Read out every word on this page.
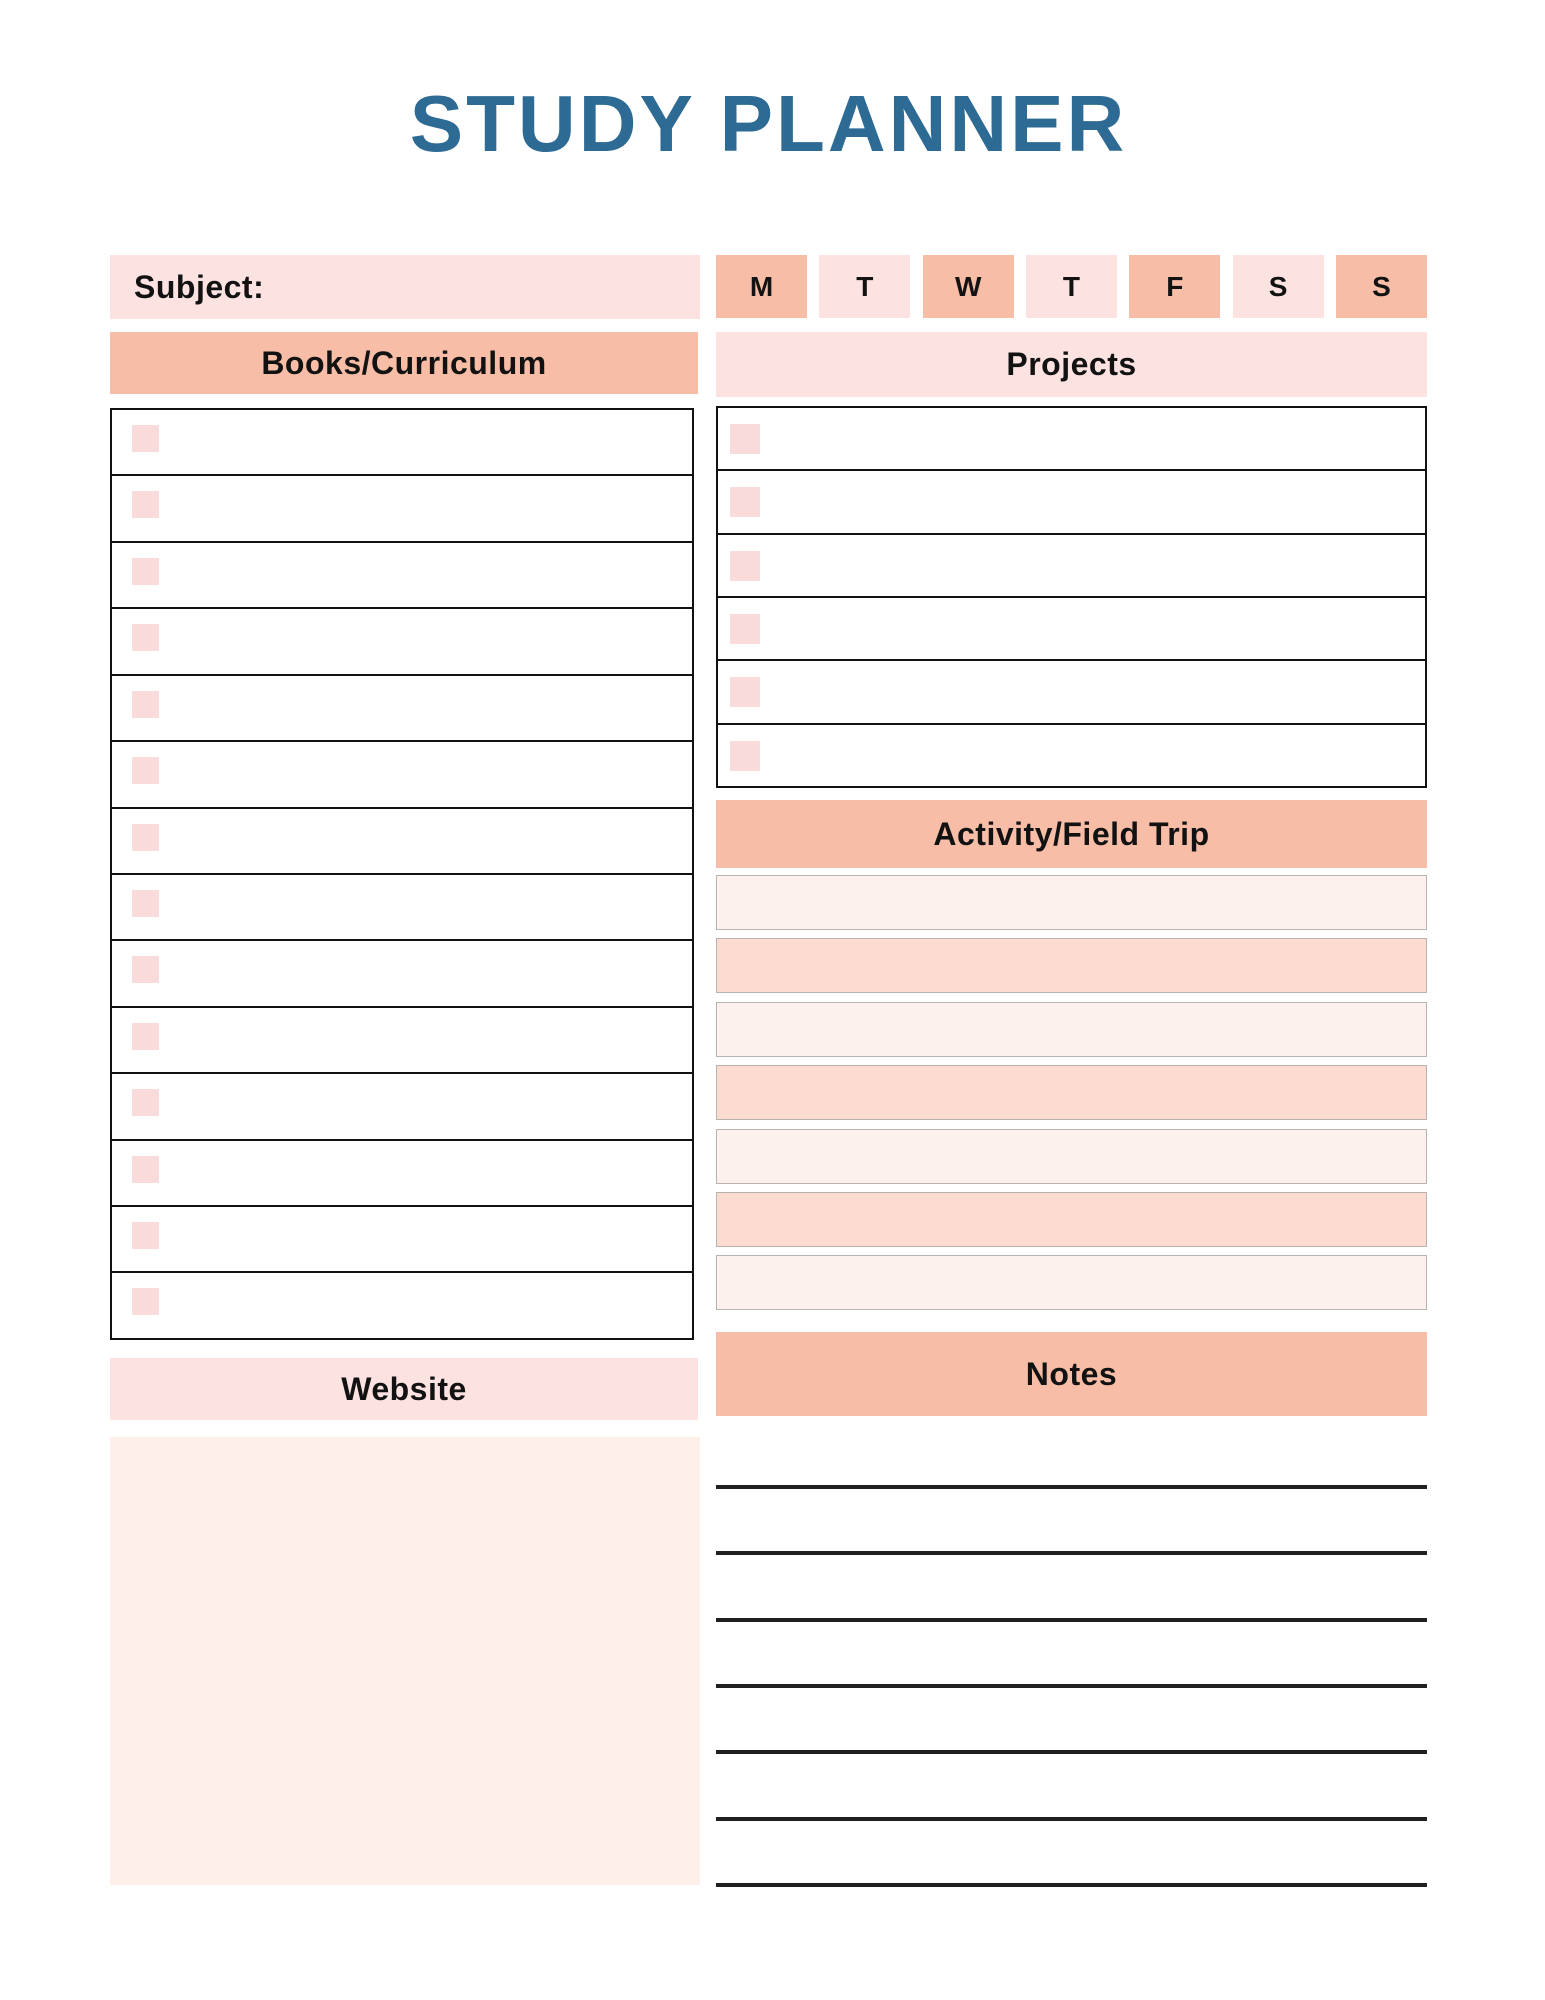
STUDY PLANNER
Subject:	M	T	W	T	F	S	S
Books/Curriculum	Projects
Activity/Field Trip
Website	Notes
